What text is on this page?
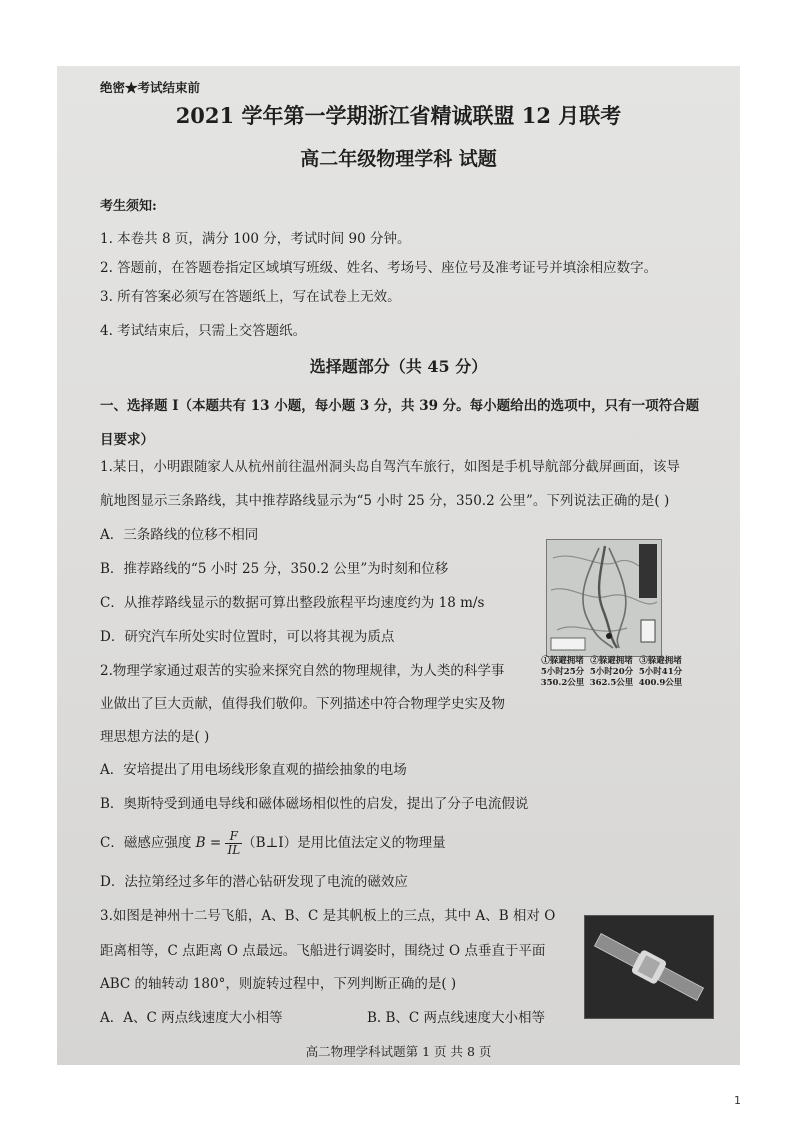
绝密★考试结束前
2021 学年第一学期浙江省精诚联盟 12 月联考
高二年级物理学科 试题
考生须知:
1. 本卷共 8 页，满分 100 分，考试时间 90 分钟。
2. 答题前，在答题卷指定区域填写班级、姓名、考场号、座位号及准考证号并填涂相应数字。
3. 所有答案必须写在答题纸上，写在试卷上无效。
4. 考试结束后，只需上交答题纸。
选择题部分（共 45 分）
一、选择题 I（本题共有 13 小题，每小题 3 分，共 39 分。每小题给出的选项中，只有一项符合题
目要求）
1.某日，小明跟随家人从杭州前往温州洞头岛自驾汽车旅行，如图是手机导航部分截屏画面，该导
航地图显示三条路线，其中推荐路线显示为“5 小时 25 分，350.2 公里”。下列说法正确的是( )
A．三条路线的位移不相同
B．推荐路线的“5 小时 25 分，350.2 公里”为时刻和位移
C．从推荐路线显示的数据可算出整段旅程平均速度约为 18 m/s
D．研究汽车所处实时位置时，可以将其视为质点
①躲避拥堵
5小时25分
350.2公里
②躲避拥堵
5小时20分
362.5公里
③躲避拥堵
5小时41分
400.9公里
2.物理学家通过艰苦的实验来探究自然的物理规律，为人类的科学事
业做出了巨大贡献，值得我们敬仰。下列描述中符合物理学史实及物
理思想方法的是( )
A．安培提出了用电场线形象直观的描绘抽象的电场
B．奥斯特受到通电导线和磁体磁场相似性的启发，提出了分子电流假说
C．磁感应强度 $B = \frac{F}{IL}$ （B⊥I）是用比值法定义的物理量
D．法拉第经过多年的潜心钻研发现了电流的磁效应
3.如图是神州十二号飞船，A、B、C 是其帆板上的三点，其中 A、B 相对 O
距离相等，C 点距离 O 点最远。飞船进行调姿时，围绕过 O 点垂直于平面
ABC 的轴转动 180°，则旋转过程中，下列判断正确的是( )
A．A、C 两点线速度大小相等	B. B、C 两点线速度大小相等
高二物理学科试题第 1 页 共 8 页
1
